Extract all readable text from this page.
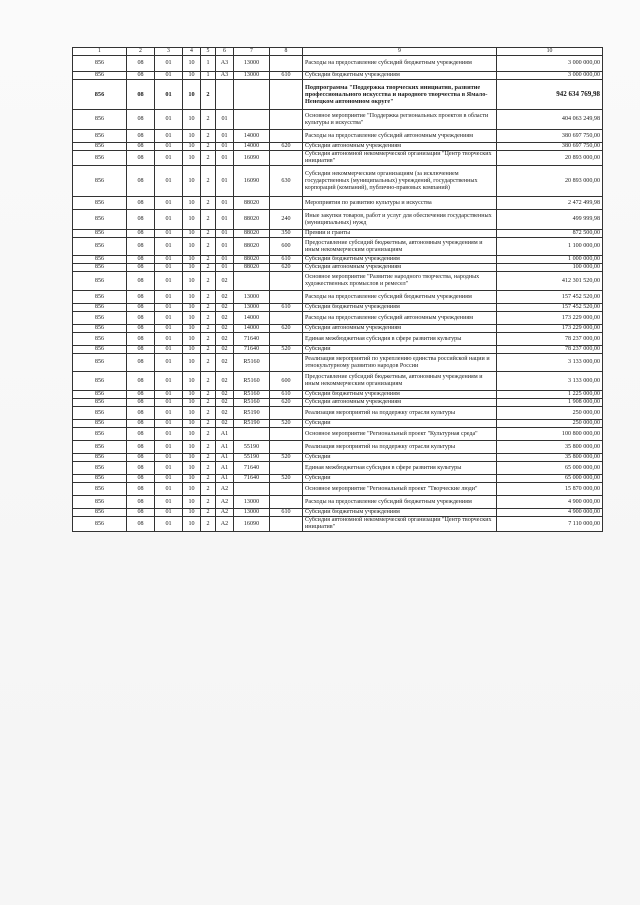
1	2	3	4	5	6	7	8	9	10
856	08	01	10	1	A3	13000		Расходы на предоставление субсидий бюджетным учреждениям	3 000 000,00
856	08	01	10	1	A3	13000	610	Субсидии бюджетным учреждениям	3 000 000,00
856	08	01	10	2				Подпрограмма "Поддержка творческих инициатив, развитие профессионального искусства и народного творчества в Ямало-Ненецком автономном округе"	942 634 769,98
856	08	01	10	2	01			Основное мероприятие "Поддержка региональных проектов в области культуры и искусства"	404 063 249,98
856	08	01	10	2	01	14000		Расходы на предоставление субсидий автономным учреждениям	380 697 750,00
856	08	01	10	2	01	14000	620	Субсидии автономным учреждениям	380 697 750,00
856	08	01	10	2	01	16090		Субсидия автономной некоммерческой организации "Центр творческих инициатив"	20 893 000,00
856	08	01	10	2	01	16090	630	Субсидии некоммерческим организациям (за исключением государственных (муниципальных) учреждений, государственных корпораций (компаний), публично-правовых компаний)	20 893 000,00
856	08	01	10	2	01	88020		Мероприятия по развитию культуры и искусства	2 472 499,98
856	08	01	10	2	01	88020	240	Иные закупки товаров, работ и услуг для обеспечения государственных (муниципальных) нужд	499 999,98
856	08	01	10	2	01	88020	350	Премии и гранты	872 500,00
856	08	01	10	2	01	88020	600	Предоставление субсидий бюджетным, автономным учреждениям и иным некоммерческим организациям	1 100 000,00
856	08	01	10	2	01	88020	610	Субсидии бюджетным учреждениям	1 000 000,00
856	08	01	10	2	01	88020	620	Субсидии автономным учреждениям	100 000,00
856	08	01	10	2	02			Основное мероприятие "Развитие народного творчества, народных художественных промыслов и ремесел"	412 301 520,00
856	08	01	10	2	02	13000		Расходы на предоставление субсидий бюджетным учреждениям	157 452 520,00
856	08	01	10	2	02	13000	610	Субсидии бюджетным учреждениям	157 452 520,00
856	08	01	10	2	02	14000		Расходы на предоставление субсидий автономным учреждениям	173 229 000,00
856	08	01	10	2	02	14000	620	Субсидии автономным учреждениям	173 229 000,00
856	08	01	10	2	02	71640		Единая межбюджетная субсидия в сфере развития культуры	78 237 000,00
856	08	01	10	2	02	71640	520	Субсидии	78 237 000,00
856	08	01	10	2	02	R5160		Реализация мероприятий по укреплению единства российской нации и этнокультурному развитию народов России	3 133 000,00
856	08	01	10	2	02	R5160	600	Предоставление субсидий бюджетным, автономным учреждениям и иным некоммерческим организациям	3 133 000,00
856	08	01	10	2	02	R5160	610	Субсидии бюджетным учреждениям	1 225 000,00
856	08	01	10	2	02	R5160	620	Субсидии автономным учреждениям	1 908 000,00
856	08	01	10	2	02	R5190		Реализация мероприятий на поддержку отрасли культуры	250 000,00
856	08	01	10	2	02	R5190	520	Субсидии	250 000,00
856	08	01	10	2	A1			Основное мероприятие "Региональный проект "Культурная среда"	100 800 000,00
856	08	01	10	2	A1	55190		Реализация мероприятий на поддержку отрасли культуры	35 800 000,00
856	08	01	10	2	A1	55190	520	Субсидии	35 800 000,00
856	08	01	10	2	A1	71640		Единая межбюджетная субсидия в сфере развития культуры	65 000 000,00
856	08	01	10	2	A1	71640	520	Субсидии	65 000 000,00
856	08	01	10	2	A2			Основное мероприятие "Региональный проект "Творческие люди"	15 870 000,00
856	08	01	10	2	A2	13000		Расходы на предоставление субсидий бюджетным учреждениям	4 900 000,00
856	08	01	10	2	A2	13000	610	Субсидии бюджетным учреждениям	4 900 000,00
856	08	01	10	2	A2	16090		Субсидия автономной некоммерческой организации "Центр творческих инициатив"	7 110 000,00
